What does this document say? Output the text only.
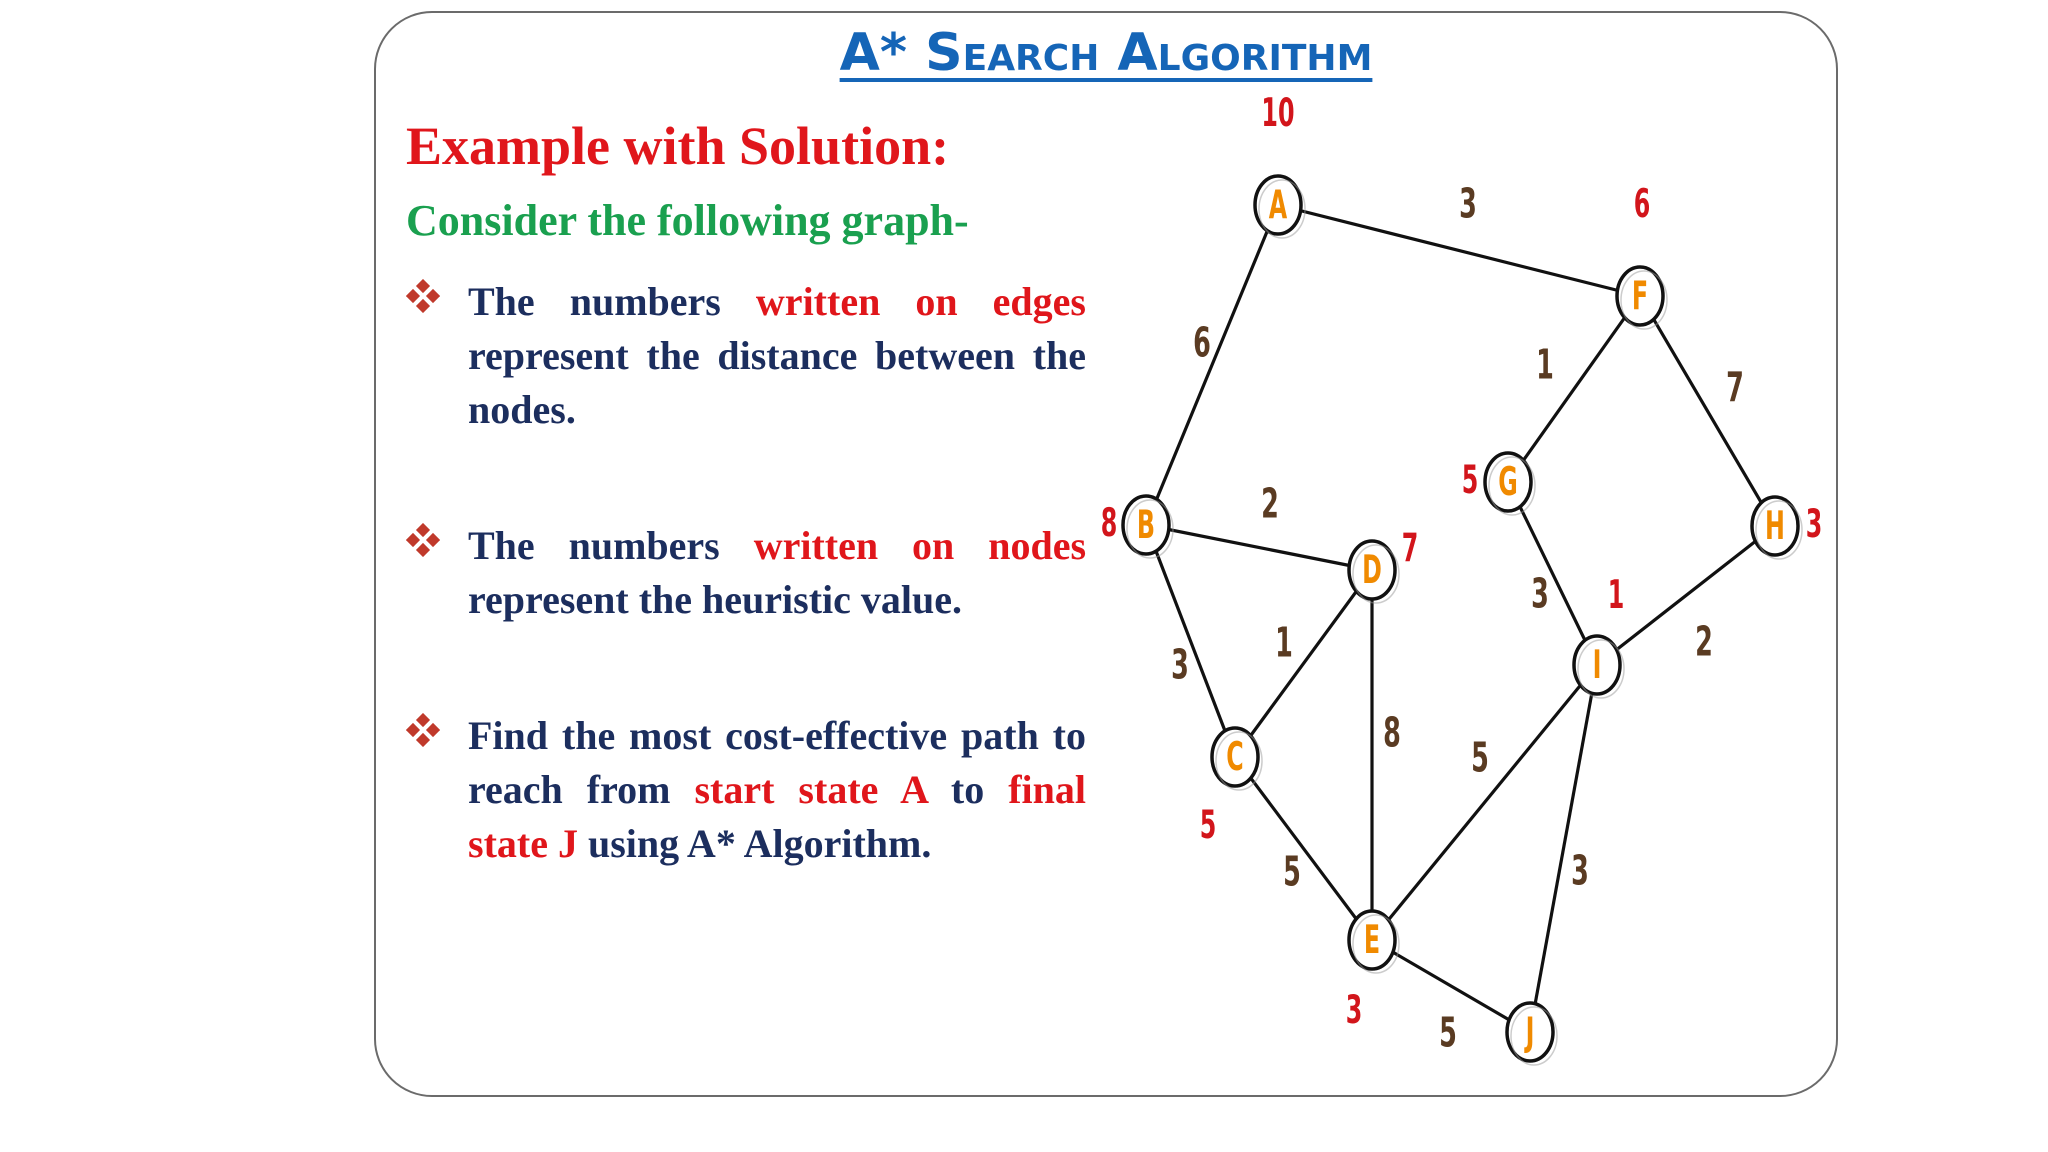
A* Search Algorithm
Example with Solution:
Consider the following graph-

The numbers written on edges represent the distance between the nodes.

The numbers written on nodes represent the heuristic value.

Find the most cost-effective path to reach from start state A to final state J using A* Algorithm.

3
6
2
3	1
5
8
5
5
1	7
3
2
3
A
10
B
8
C
5
D 7
E
3
F
6
G
5
H 3
I
1
J
